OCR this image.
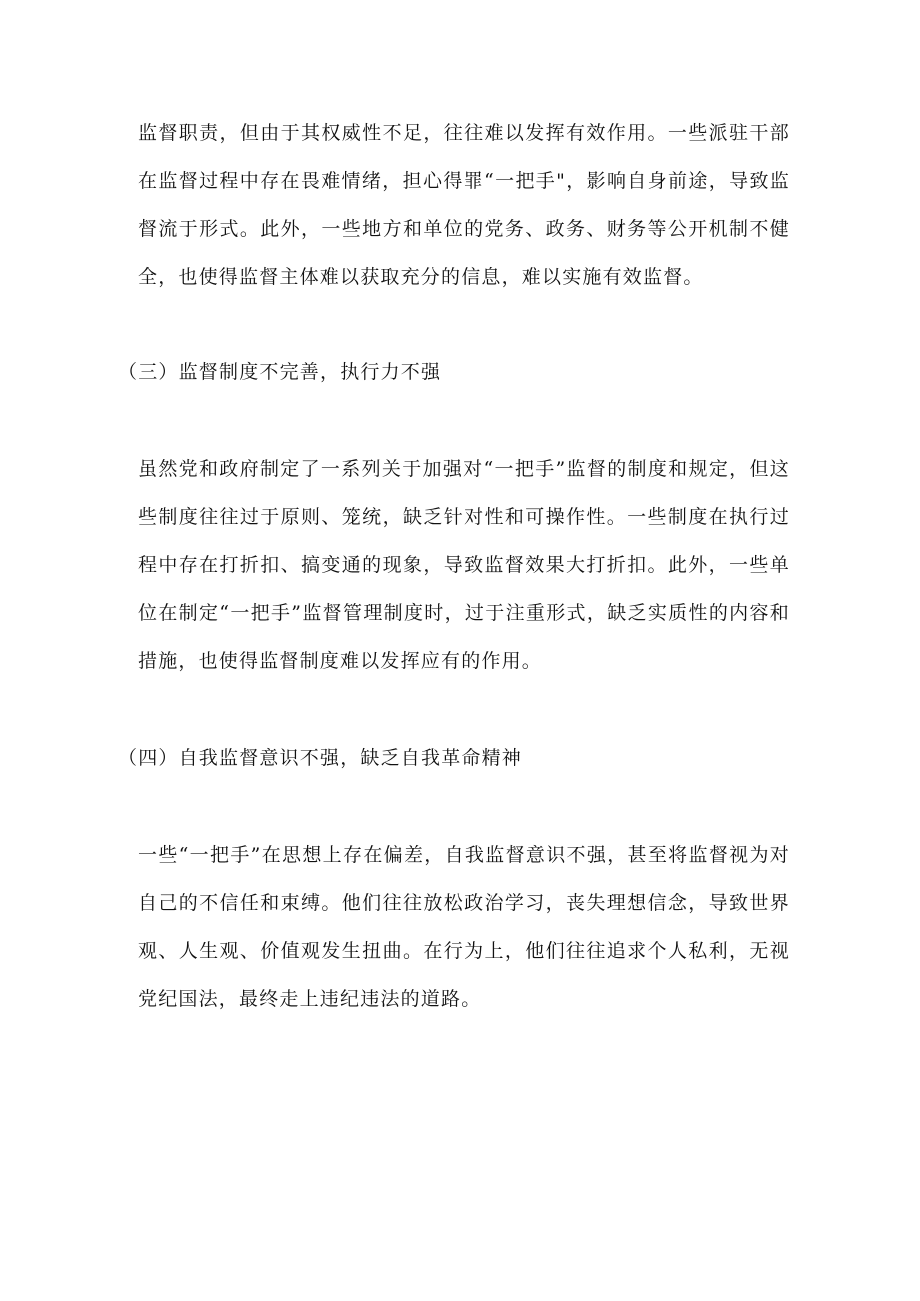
监督职责，但由于其权威性不足，往往难以发挥有效作用。一些派驻干部在监督过程中存在畏难情绪，担心得罪“一把手"，影响自身前途，导致监督流于形式。此外，一些地方和单位的党务、政务、财务等公开机制不健全，也使得监督主体难以获取充分的信息，难以实施有效监督。

（三）监督制度不完善，执行力不强

虽然党和政府制定了一系列关于加强对“一把手”监督的制度和规定，但这些制度往往过于原则、笼统，缺乏针对性和可操作性。一些制度在执行过程中存在打折扣、搞变通的现象，导致监督效果大打折扣。此外，一些单位在制定“一把手”监督管理制度时，过于注重形式，缺乏实质性的内容和措施，也使得监督制度难以发挥应有的作用。

（四）自我监督意识不强，缺乏自我革命精神

一些“一把手”在思想上存在偏差，自我监督意识不强，甚至将监督视为对自己的不信任和束缚。他们往往放松政治学习，丧失理想信念，导致世界观、人生观、价值观发生扭曲。在行为上，他们往往追求个人私利，无视党纪国法，最终走上违纪违法的道路。
